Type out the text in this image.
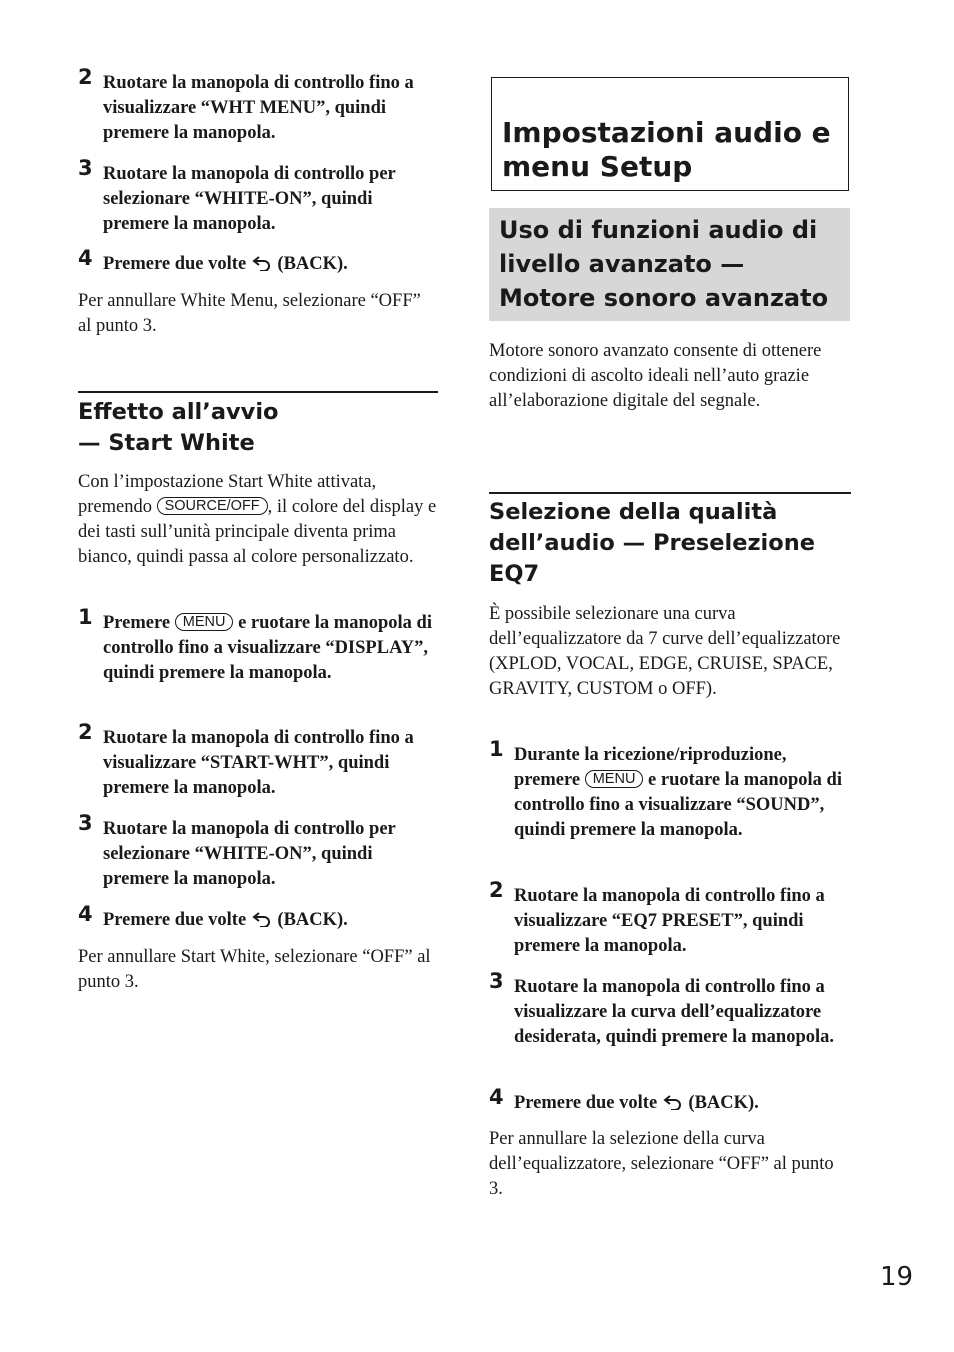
2 Ruotare la manopola di controllo fino a visualizzare “WHT MENU”, quindi premere la manopola.
3 Ruotare la manopola di controllo per selezionare “WHITE-ON”, quindi premere la manopola.
4 Premere due volte (BACK).
Per annullare White Menu, selezionare “OFF” al punto 3.
Effetto all’avvio
— Start White
Con l’impostazione Start White attivata, premendo SOURCE/OFF , il colore del display e dei tasti sull’unità principale diventa prima bianco, quindi passa al colore personalizzato.
1 Premere MENU e ruotare la manopola di controllo fino a visualizzare “DISPLAY”, quindi premere la manopola.
2 Ruotare la manopola di controllo fino a visualizzare “START-WHT”, quindi premere la manopola.
3 Ruotare la manopola di controllo per selezionare “WHITE-ON”, quindi premere la manopola.
4 Premere due volte (BACK).
Per annullare Start White, selezionare “OFF” al punto 3.
Impostazioni audio e menu Setup
Uso di funzioni audio di livello avanzato — Motore sonoro avanzato
Motore sonoro avanzato consente di ottenere condizioni di ascolto ideali nell’auto grazie all’elaborazione digitale del segnale.
Selezione della qualità
dell’audio — Preselezione
EQ7
È possibile selezionare una curva dell’equalizzatore da 7 curve dell’equalizzatore (XPLOD, VOCAL, EDGE, CRUISE, SPACE, GRAVITY, CUSTOM o OFF).
1 Durante la ricezione/riproduzione,
premere MENU e ruotare la manopola di controllo fino a visualizzare “SOUND”, quindi premere la manopola.
2 Ruotare la manopola di controllo fino a visualizzare “EQ7 PRESET”, quindi premere la manopola.
3 Ruotare la manopola di controllo fino a visualizzare la curva dell’equalizzatore desiderata, quindi premere la manopola.
4 Premere due volte (BACK).
Per annullare la selezione della curva dell’equalizzatore, selezionare “OFF” al punto 3.
19
